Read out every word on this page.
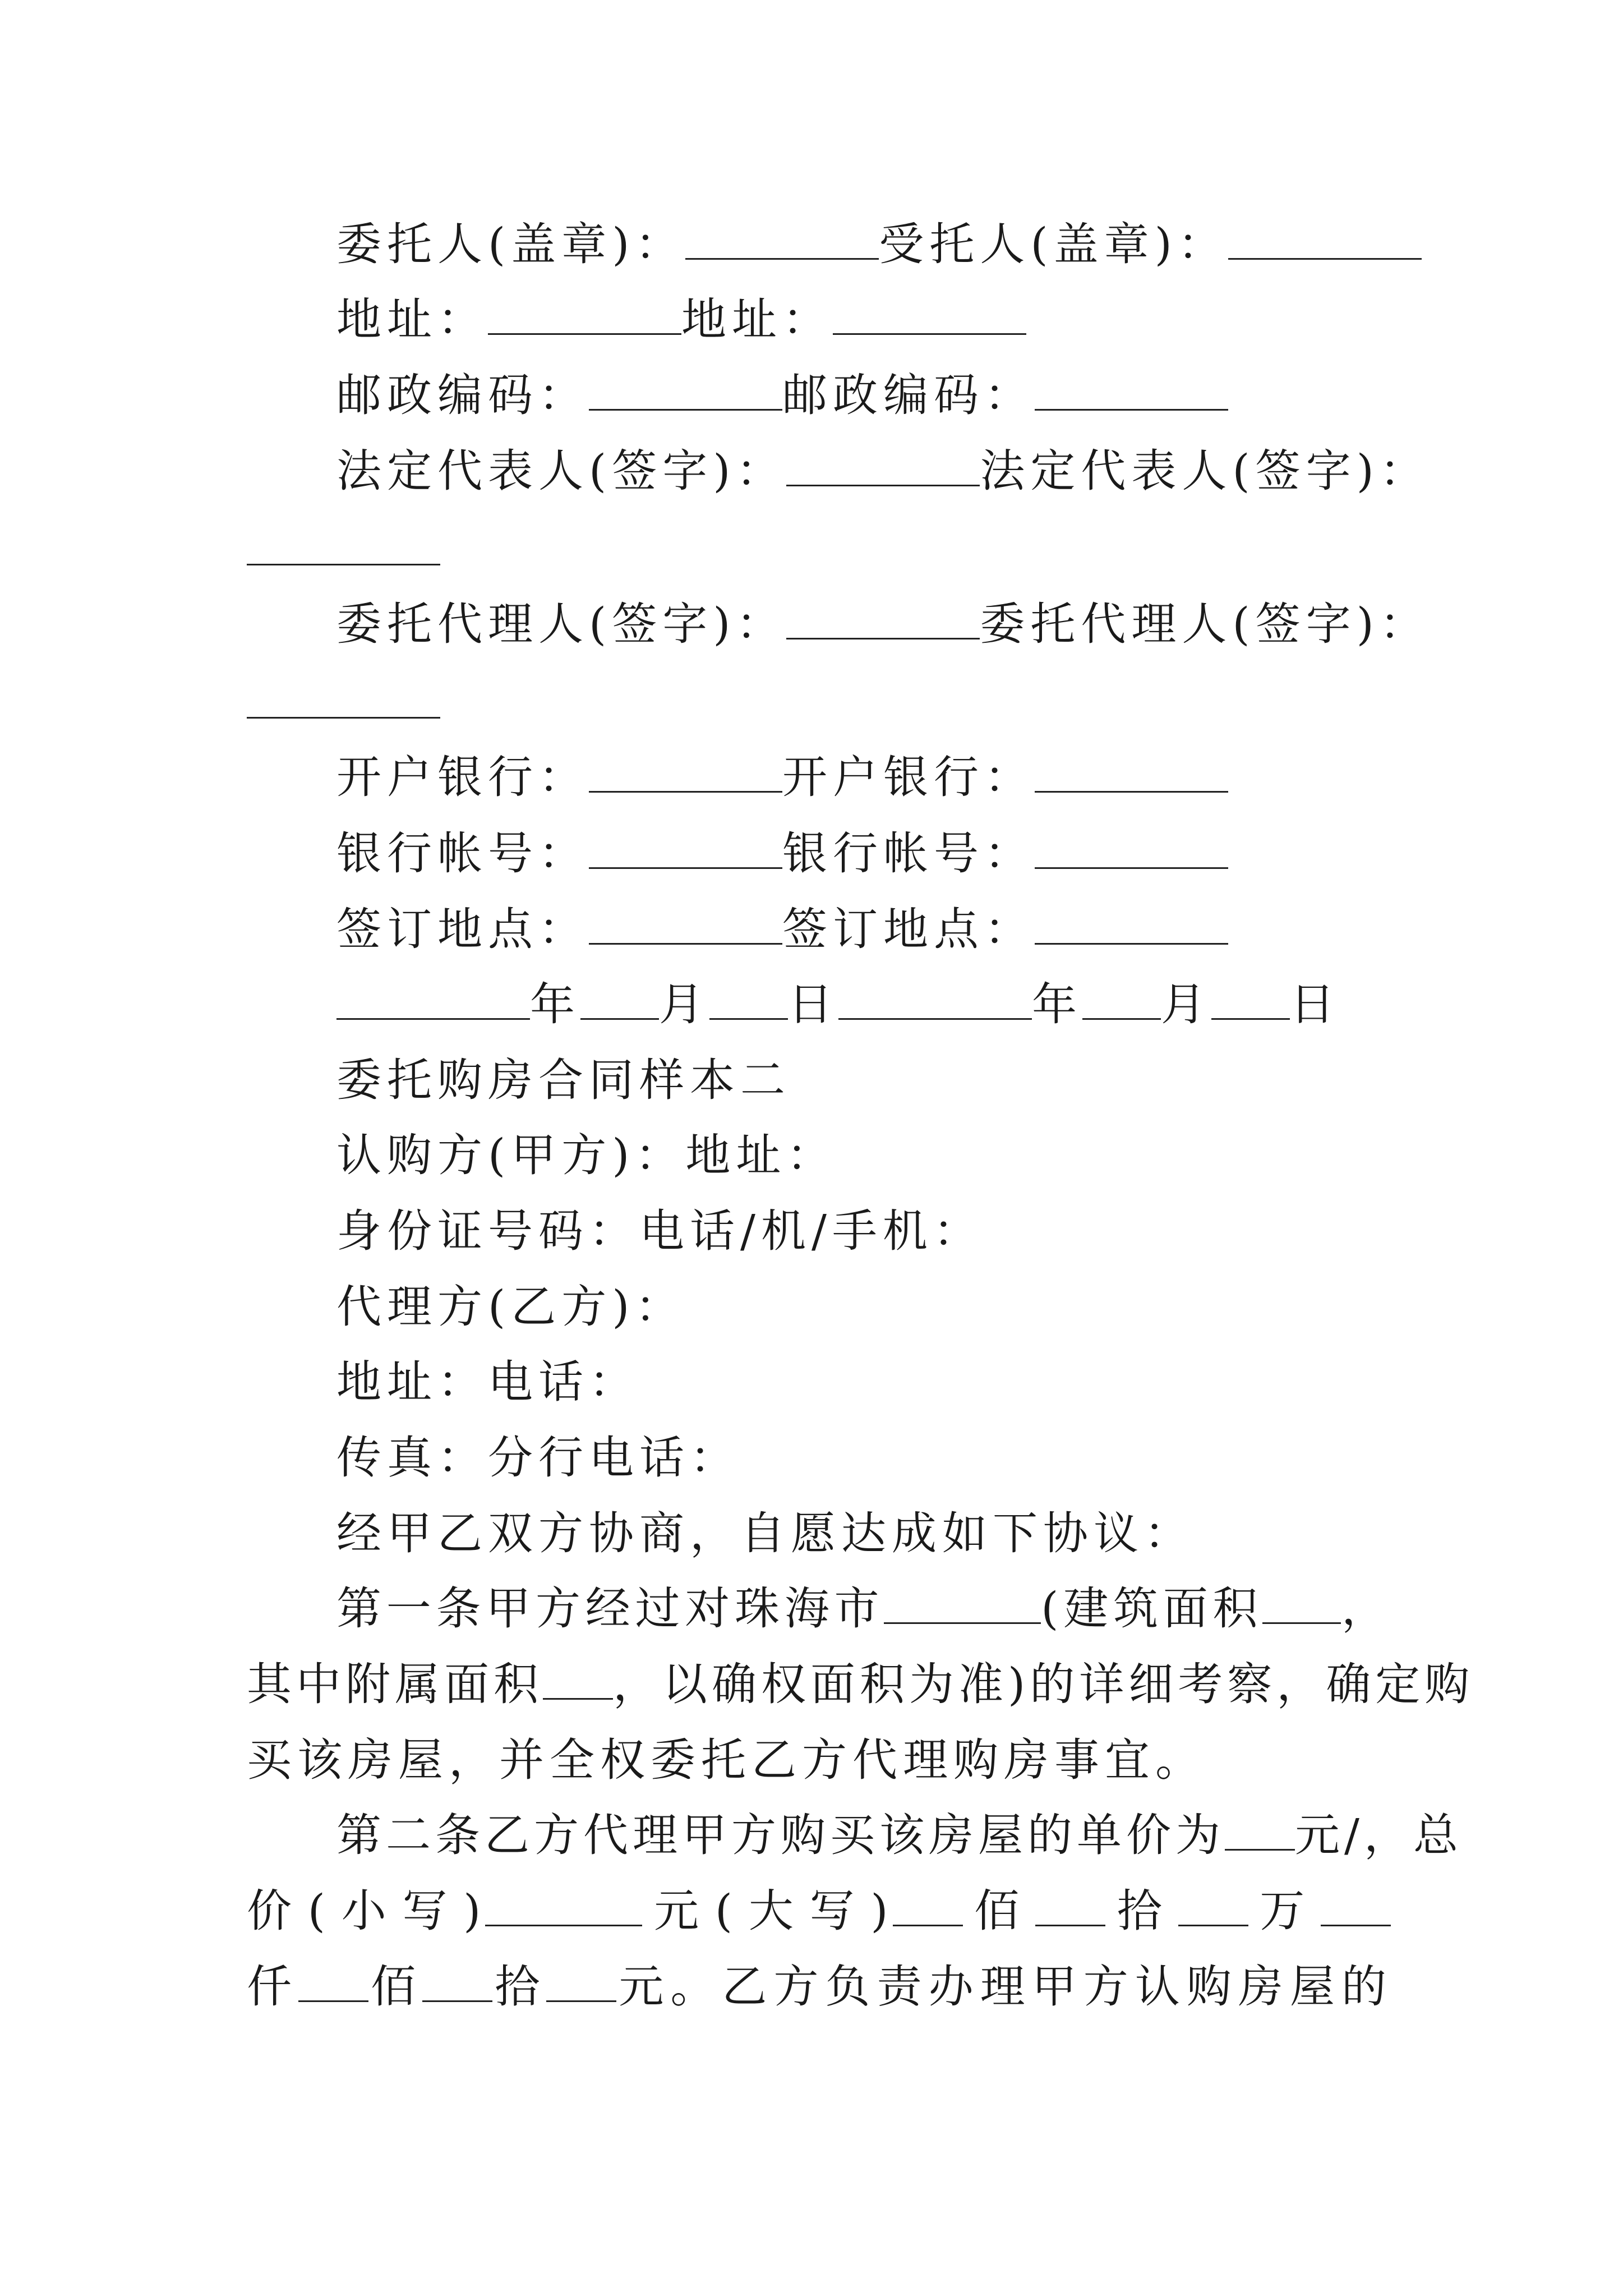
委托人(盖章)：	受托人(盖章)：
地址：	地址：
邮政编码：	邮政编码：
法定代表人(签字)：	法定代表人(签字)：
委托代理人(签字)：	委托代理人(签字)：
开户银行：	开户银行：
银行帐号：	银行帐号：
签订地点：	签订地点：
年 月 日	年 月 日
委托购房合同样本二
认购方(甲方)：地址：
身份证号码：电话/机/手机：
代理方(乙方)：
地址：电话：
传真：分行电话：
经甲乙双方协商，自愿达成如下协议：
第一条甲方经过对珠海市	(建筑面积 ，
其中附属面积 ，以确权面积为准)的详细考察，确定购
买该房屋，并全权委托乙方代理购房事宜。
第二条乙方代理甲方购买该房屋的单价为 元/，总
价(小写)	元(大写) 佰 拾 万
仟 佰 拾 元。乙方负责办理甲方认购房屋的
